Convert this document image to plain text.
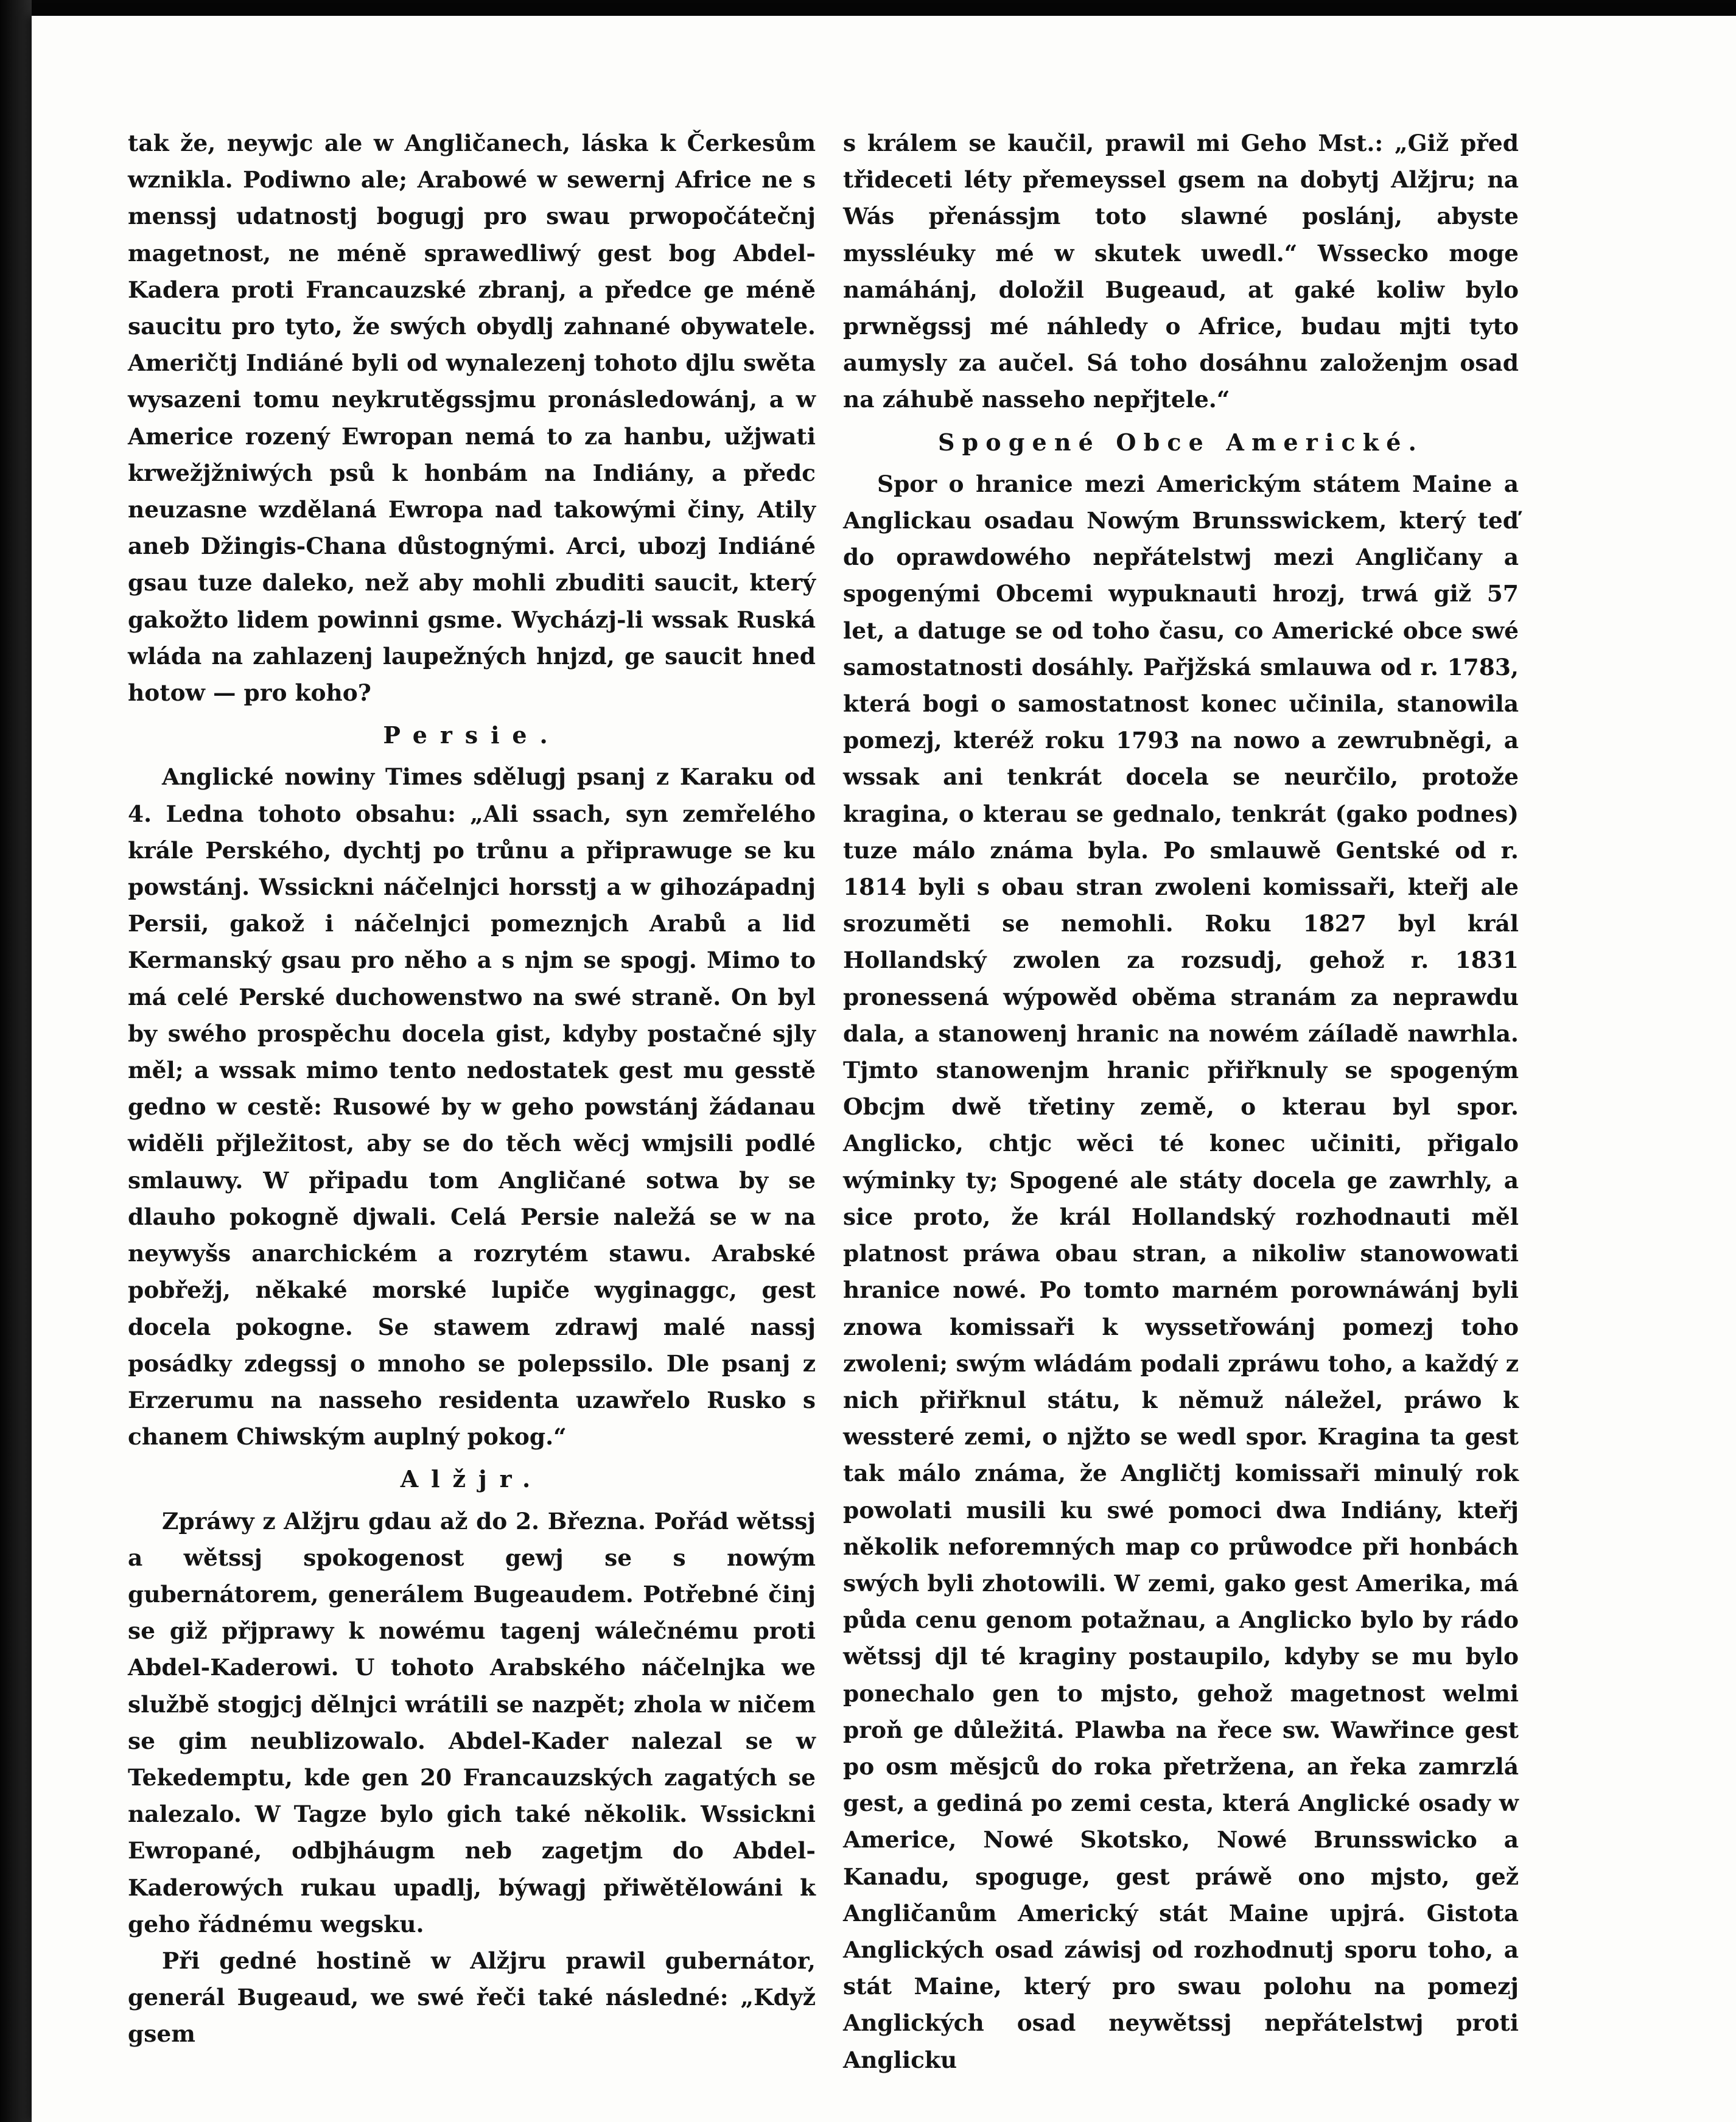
tak že, neywjc ale w Angličanech, láska k Čerkesům wznikla. Podiwno ale; Arabowé w sewernj Africe ne s menssj udatnostj bogugj pro swau prwopočátečnj magetnost, ne méně sprawedliwý gest bog Abdel-Kadera proti Francauzské zbranj, a předce ge méně saucitu pro tyto, že swých obydlj zahnané obywatele. Američtj Indiáné byli od wynalezenj tohoto djlu swěta wysazeni tomu neykrutěgssjmu pronásledowánj, a w Americe rozený Ewropan nemá to za hanbu, užjwati krwežjžniwých psů k honbám na Indiány, a předc neuzasne wzdělaná Ewropa nad takowými činy, Atily aneb Džingis-Chana důstognými. Arci, ubozj Indiáné gsau tuze daleko, než aby mohli zbuditi saucit, který gakožto lidem powinni gsme. Wycházj-li wssak Ruská wláda na zahlazenj laupežných hnjzd, ge saucit hned hotow — pro koho?

Persie.

Anglické nowiny Times sdělugj psanj z Karaku od 4. Ledna tohoto obsahu: „Ali ssach, syn zemřelého krále Perského, dychtj po trůnu a připrawuge se ku powstánj. Wssickni náčelnjci horsstj a w gihozápadnj Persii, gakož i náčelnjci pomeznjch Arabů a lid Kermanský gsau pro něho a s njm se spogj. Mimo to má celé Perské duchowenstwo na swé straně. On byl by swého prospěchu docela gist, kdyby postačné sjly měl; a wssak mimo tento nedostatek gest mu gesstě gedno w cestě: Rusowé by w geho powstánj žádanau widěli přjležitost, aby se do těch wěcj wmjsili podlé smlauwy. W připadu tom Angličané sotwa by se dlauho pokogně djwali. Celá Persie naležá se w na neywyšs anarchickém a rozrytém stawu. Arabské pobřežj, někaké morské lupiče wyginaggc, gest docela pokogne. Se stawem zdrawj malé nassj posádky zdegssj o mnoho se polepssilo. Dle psanj z Erzerumu na nasseho residenta uzawřelo Rusko s chanem Chiwským auplný pokog.“

Alžjr.

Zpráwy z Alžjru gdau až do 2. Března. Pořád wětssj a wětssj spokogenost gewj se s nowým gubernátorem, generálem Bugeaudem. Potřebné činj se giž přjprawy k nowému tagenj wálečnému proti Abdel-Kaderowi. U tohoto Arabského náčelnjka we službě stogjcj dělnjci wrátili se nazpět; zhola w ničem se gim neublizowalo. Abdel-Kader nalezal se w Tekedemptu, kde gen 20 Francauzských zagatých se nalezalo. W Tagze bylo gich také několik. Wssickni Ewropané, odbjháugm neb zagetjm do Abdel-Kaderowých rukau upadlj, býwagj přiwětělowáni k geho řádnému wegsku.

Při gedné hostině w Alžjru prawil gubernátor, generál Bugeaud, we swé řeči také následné: „Když gsem

s králem se kaučil, prawil mi Geho Mst.: „Giž před třideceti léty přemeyssel gsem na dobytj Alžjru; na Wás přenássjm toto slawné poslánj, abyste myssléuky mé w skutek uwedl.“ Wssecko moge namáhánj, doložil Bugeaud, at gaké koliw bylo prwněgssj mé náhledy o Africe, budau mjti tyto aumysly za aučel. Sá toho dosáhnu založenjm osad na záhubě nasseho nepřjtele.“

Spogené Obce Americké.

Spor o hranice mezi Americkým státem Maine a Anglickau osadau Nowým Brunsswickem, který teď do oprawdowého nepřátelstwj mezi Angličany a spogenými Obcemi wypuknauti hrozj, trwá giž 57 let, a datuge se od toho času, co Americké obce swé samostatnosti dosáhly. Pařjžská smlauwa od r. 1783, která bogi o samostatnost konec učinila, stanowila pomezj, kteréž roku 1793 na nowo a zewrubněgi, a wssak ani tenkrát docela se neurčilo, protože kragina, o kterau se gednalo, tenkrát (gako podnes) tuze málo známa byla. Po smlauwě Gentské od r. 1814 byli s obau stran zwoleni komissaři, kteřj ale srozuměti se nemohli. Roku 1827 byl král Hollandský zwolen za rozsudj, gehož r. 1831 pronessená wýpowěd oběma stranám za neprawdu dala, a stanowenj hranic na nowém záíladě nawrhla. Tjmto stanowenjm hranic přiřknuly se spogeným Obcjm dwě třetiny země, o kterau byl spor. Anglicko, chtjc wěci té konec učiniti, přigalo wýminky ty; Spogené ale státy docela ge zawrhly, a sice proto, že král Hollandský rozhodnauti měl platnost práwa obau stran, a nikoliw stanowowati hranice nowé. Po tomto marném porownáwánj byli znowa komissaři k wyssetřowánj pomezj toho zwoleni; swým wládám podali zpráwu toho, a každý z nich přiřknul státu, k němuž náležel, práwo k wessteré zemi, o njžto se wedl spor. Kragina ta gest tak málo známa, že Angličtj komissaři minulý rok powolati musili ku swé pomoci dwa Indiány, kteřj několik neforemných map co průwodce při honbách swých byli zhotowili. W zemi, gako gest Amerika, má půda cenu genom potažnau, a Anglicko bylo by rádo wětssj djl té kraginy postaupilo, kdyby se mu bylo ponechalo gen to mjsto, gehož magetnost welmi proň ge důležitá. Plawba na řece sw. Wawřince gest po osm měsjců do roka přetržena, an řeka zamrzlá gest, a gediná po zemi cesta, která Anglické osady w Americe, Nowé Skotsko, Nowé Brunsswicko a Kanadu, spoguge, gest práwě ono mjsto, gež Angličanům Americký stát Maine upjrá. Gistota Anglických osad záwisj od rozhodnutj sporu toho, a stát Maine, který pro swau polohu na pomezj Anglických osad neywětssj nepřátelstwj proti Anglicku
